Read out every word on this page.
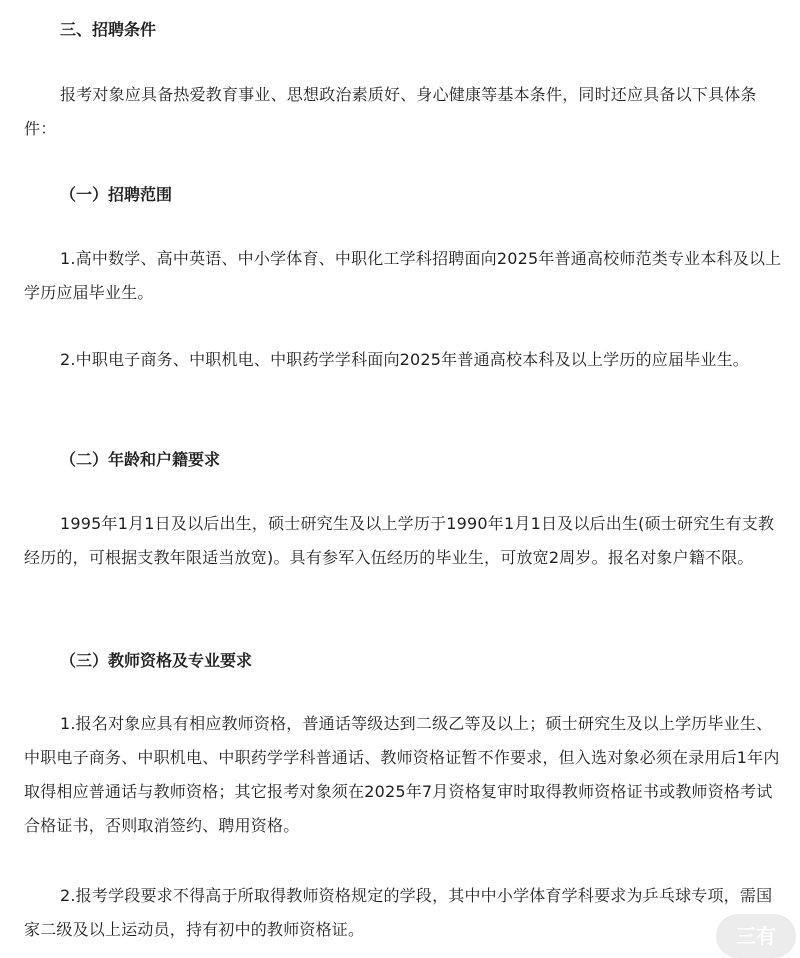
三、招聘条件

报考对象应具备热爱教育事业、思想政治素质好、身心健康等基本条件，同时还应具备以下具体条件：

（一）招聘范围

1.高中数学、高中英语、中小学体育、中职化工学科招聘面向2025年普通高校师范类专业本科及以上学历应届毕业生。

2.中职电子商务、中职机电、中职药学学科面向2025年普通高校本科及以上学历的应届毕业生。

（二）年龄和户籍要求

1995年1月1日及以后出生，硕士研究生及以上学历于1990年1月1日及以后出生(硕士研究生有支教经历的，可根据支教年限适当放宽)。具有参军入伍经历的毕业生，可放宽2周岁。报名对象户籍不限。

（三）教师资格及专业要求

1.报名对象应具有相应教师资格，普通话等级达到二级乙等及以上；硕士研究生及以上学历毕业生、中职电子商务、中职机电、中职药学学科普通话、教师资格证暂不作要求，但入选对象必须在录用后1年内取得相应普通话与教师资格；其它报考对象须在2025年7月资格复审时取得教师资格证书或教师资格考试合格证书，否则取消签约、聘用资格。

2.报考学段要求不得高于所取得教师资格规定的学段，其中中小学体育学科要求为乒乓球专项，需国家二级及以上运动员，持有初中的教师资格证。	三有
